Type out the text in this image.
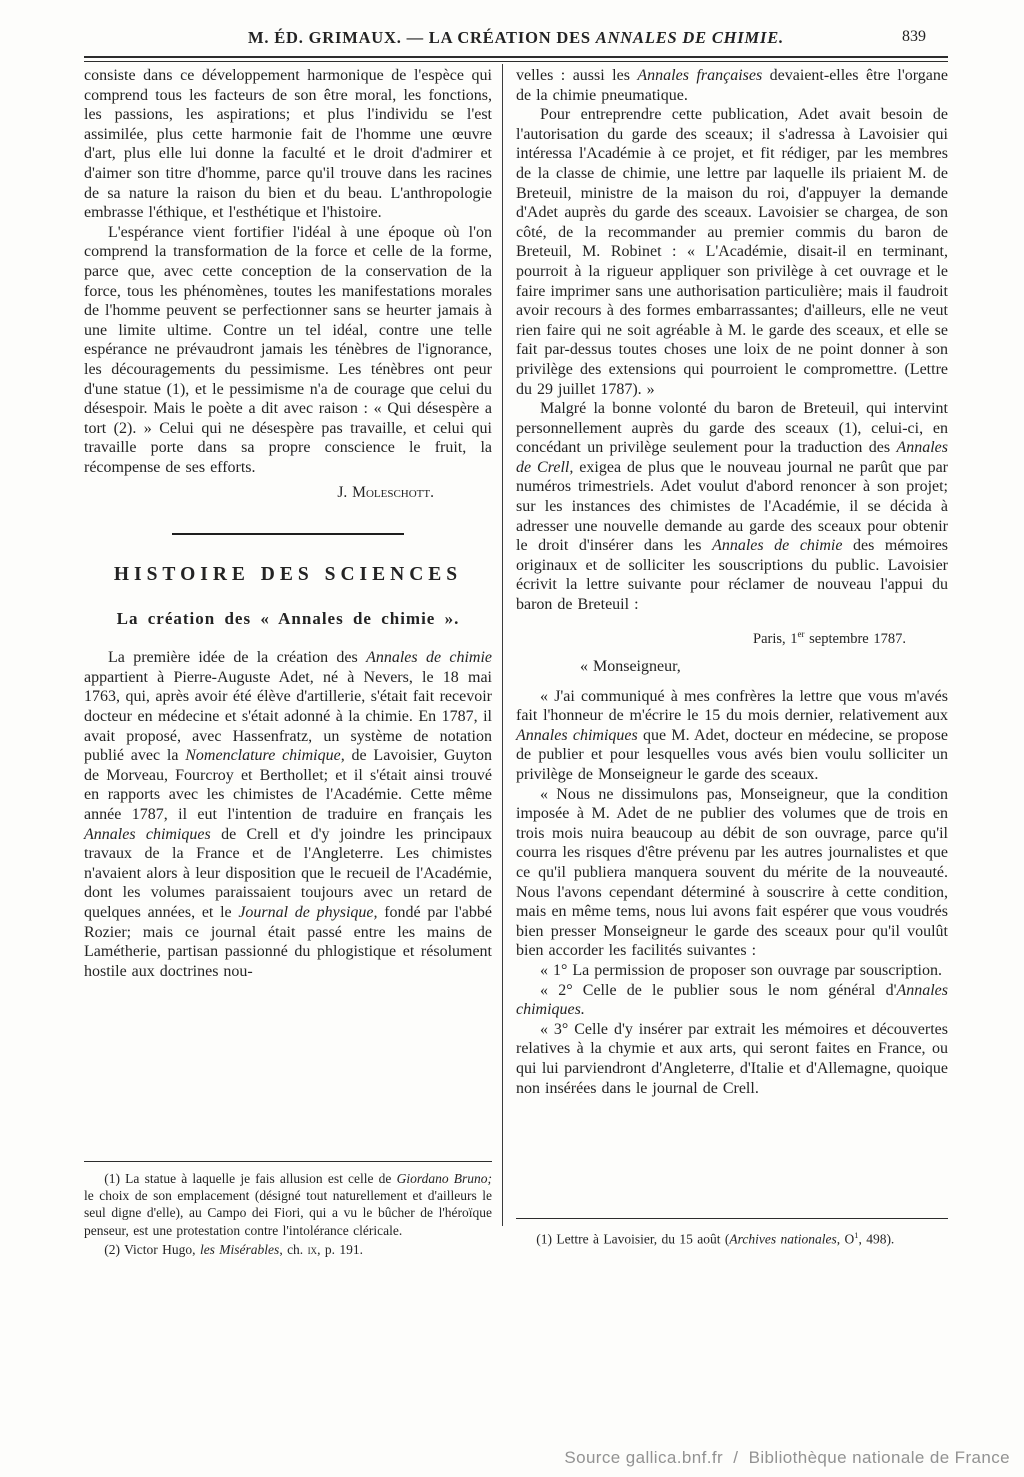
M. ÉD. GRIMAUX. — LA CRÉATION DES ANNALES DE CHIMIE.	839

consiste dans ce développement harmonique de l'espèce qui comprend tous les facteurs de son être moral, les fonctions, les passions, les aspirations; et plus l'individu se l'est assimilée, plus cette harmonie fait de l'homme une œuvre d'art, plus elle lui donne la faculté et le droit d'admirer et d'aimer son titre d'homme, parce qu'il trouve dans les racines de sa nature la raison du bien et du beau. L'anthropologie embrasse l'éthique, et l'esthétique et l'histoire.

L'espérance vient fortifier l'idéal à une époque où l'on comprend la transformation de la force et celle de la forme, parce que, avec cette conception de la conservation de la force, tous les phénomènes, toutes les manifestations morales de l'homme peuvent se perfectionner sans se heurter jamais à une limite ultime. Contre un tel idéal, contre une telle espérance ne prévaudront jamais les ténèbres de l'ignorance, les découragements du pessimisme. Les ténèbres ont peur d'une statue (1), et le pessimisme n'a de courage que celui du désespoir. Mais le poète a dit avec raison : « Qui désespère a tort (2). » Celui qui ne désespère pas travaille, et celui qui travaille porte dans sa propre conscience le fruit, la récompense de ses efforts.

J. Moleschott.
HISTOIRE DES SCIENCES
La création des « Annales de chimie ».

La première idée de la création des Annales de chimie appartient à Pierre-Auguste Adet, né à Nevers, le 18 mai 1763, qui, après avoir été élève d'artillerie, s'était fait recevoir docteur en médecine et s'était adonné à la chimie. En 1787, il avait proposé, avec Hassenfratz, un système de notation publié avec la Nomenclature chimique, de Lavoisier, Guyton de Morveau, Fourcroy et Berthollet; et il s'était ainsi trouvé en rapports avec les chimistes de l'Académie. Cette même année 1787, il eut l'intention de traduire en français les Annales chimiques de Crell et d'y joindre les principaux travaux de la France et de l'Angleterre. Les chimistes n'avaient alors à leur disposition que le recueil de l'Académie, dont les volumes paraissaient toujours avec un retard de quelques années, et le Journal de physique, fondé par l'abbé Rozier; mais ce journal était passé entre les mains de Lamétherie, partisan passionné du phlogistique et résolument hostile aux doctrines nou-

(1) La statue à laquelle je fais allusion est celle de Giordano Bruno; le choix de son emplacement (désigné tout naturellement et d'ailleurs le seul digne d'elle), au Campo dei Fiori, qui a vu le bûcher de l'héroïque penseur, est une protestation contre l'intolérance cléricale.

(2) Victor Hugo, les Misérables, ch. ix, p. 191.

velles : aussi les Annales françaises devaient-elles être l'organe de la chimie pneumatique.

Pour entreprendre cette publication, Adet avait besoin de l'autorisation du garde des sceaux; il s'adressa à Lavoisier qui intéressa l'Académie à ce projet, et fit rédiger, par les membres de la classe de chimie, une lettre par laquelle ils priaient M. de Breteuil, ministre de la maison du roi, d'appuyer la demande d'Adet auprès du garde des sceaux. Lavoisier se chargea, de son côté, de la recommander au premier commis du baron de Breteuil, M. Robinet : « L'Académie, disait-il en terminant, pourroit à la rigueur appliquer son privilège à cet ouvrage et le faire imprimer sans une authorisation particulière; mais il faudroit avoir recours à des formes embarrassantes; d'ailleurs, elle ne veut rien faire qui ne soit agréable à M. le garde des sceaux, et elle se fait par-dessus toutes choses une loix de ne point donner à son privilège des extensions qui pourroient le compromettre. (Lettre du 29 juillet 1787). »

Malgré la bonne volonté du baron de Breteuil, qui intervint personnellement auprès du garde des sceaux (1), celui-ci, en concédant un privilège seulement pour la traduction des Annales de Crell, exigea de plus que le nouveau journal ne parût que par numéros trimestriels. Adet voulut d'abord renoncer à son projet; sur les instances des chimistes de l'Académie, il se décida à adresser une nouvelle demande au garde des sceaux pour obtenir le droit d'insérer dans les Annales de chimie des mémoires originaux et de solliciter les souscriptions du public. Lavoisier écrivit la lettre suivante pour réclamer de nouveau l'appui du baron de Breteuil :

Paris, 1er septembre 1787.

« Monseigneur,

« J'ai communiqué à mes confrères la lettre que vous m'avés fait l'honneur de m'écrire le 15 du mois dernier, relativement aux Annales chimiques que M. Adet, docteur en médecine, se propose de publier et pour lesquelles vous avés bien voulu solliciter un privilège de Monseigneur le garde des sceaux.

« Nous ne dissimulons pas, Monseigneur, que la condition imposée à M. Adet de ne publier des volumes que de trois en trois mois nuira beaucoup au débit de son ouvrage, parce qu'il courra les risques d'être prévenu par les autres journalistes et que ce qu'il publiera manquera souvent du mérite de la nouveauté. Nous l'avons cependant déterminé à souscrire à cette condition, mais en même tems, nous lui avons fait espérer que vous voudrés bien presser Monseigneur le garde des sceaux pour qu'il voulût bien accorder les facilités suivantes :

« 1° La permission de proposer son ouvrage par souscription.

« 2° Celle de le publier sous le nom général d'Annales chimiques.

« 3° Celle d'y insérer par extrait les mémoires et découvertes relatives à la chymie et aux arts, qui seront faites en France, ou qui lui parviendront d'Angleterre, d'Italie et d'Allemagne, quoique non insérées dans le journal de Crell.

(1) Lettre à Lavoisier, du 15 août (Archives nationales, $O^1$, 498).

Source gallica.bnf.fr  /  Bibliothèque nationale de France
